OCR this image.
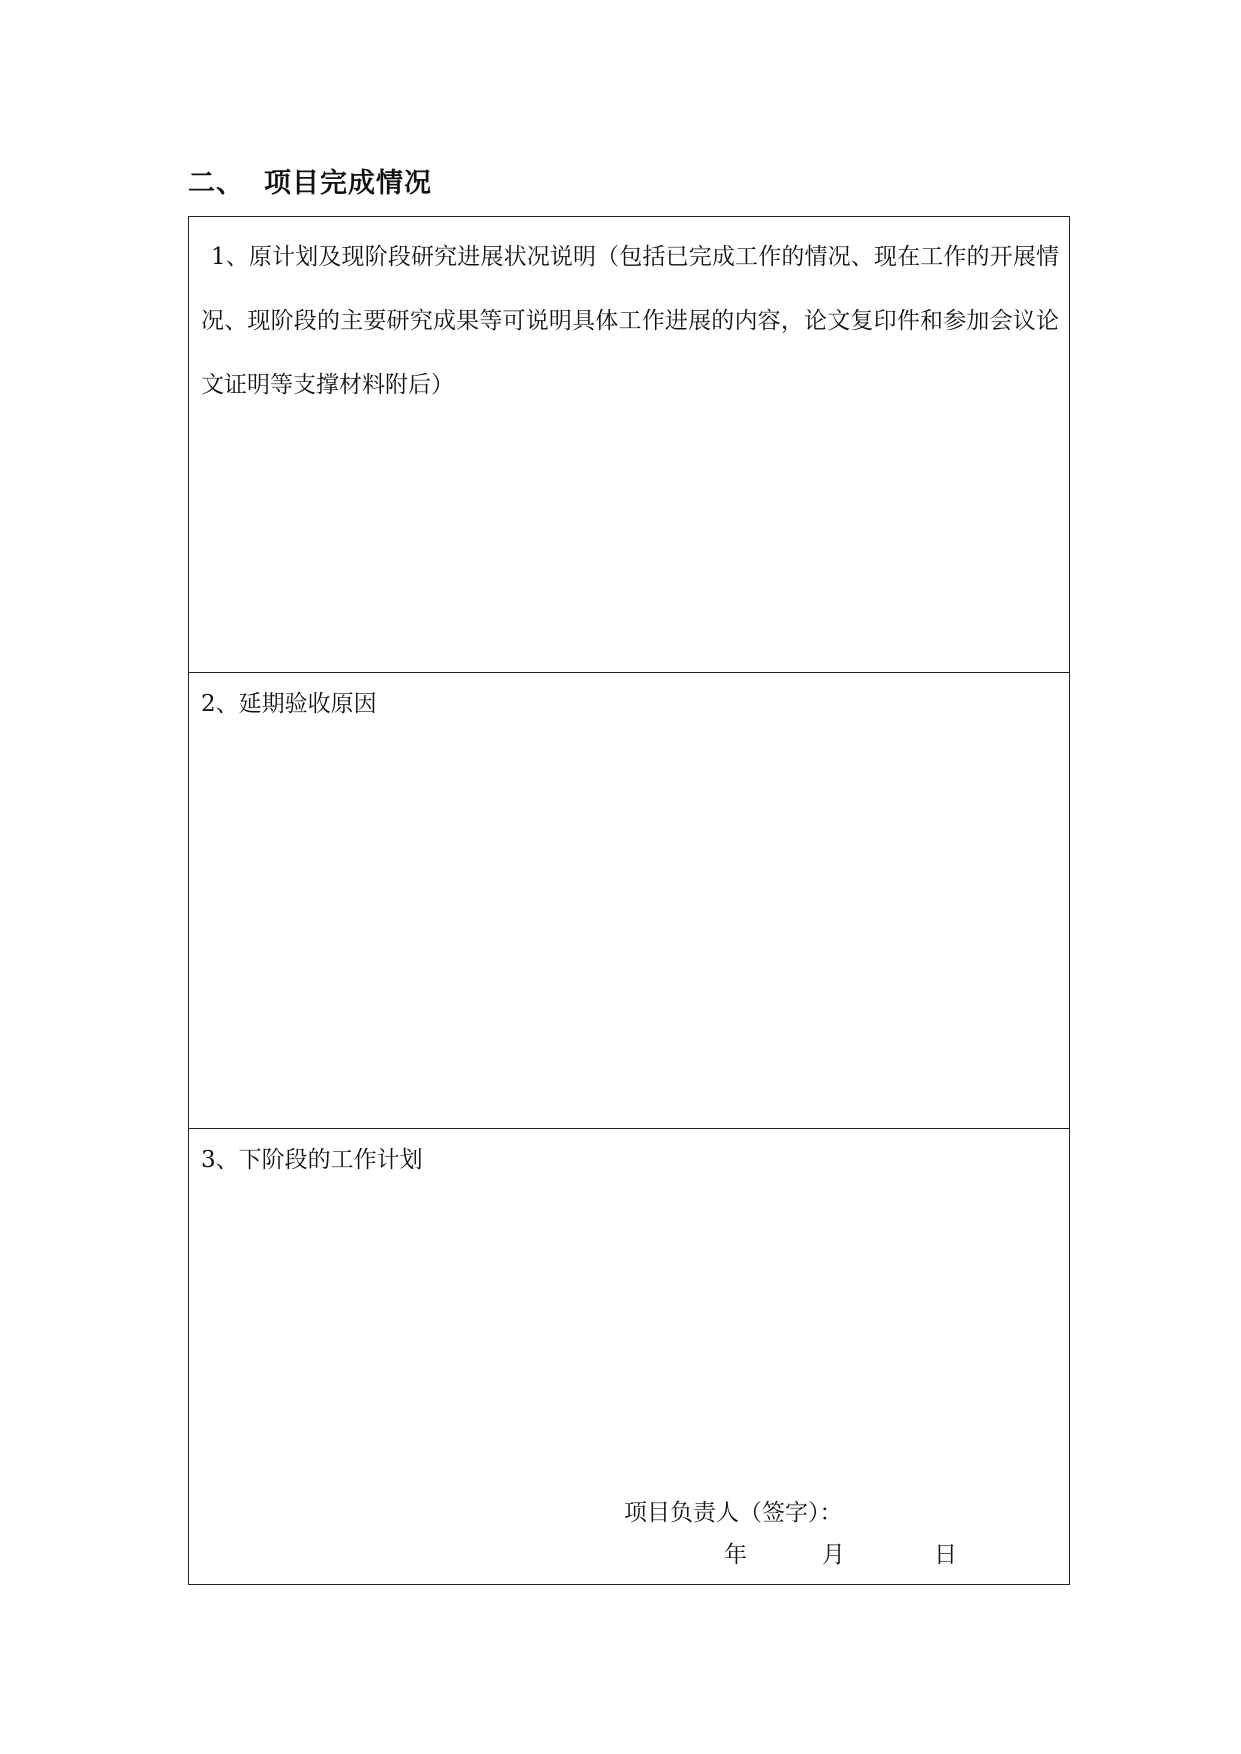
二、 项目完成情况

1、原计划及现阶段研究进展状况说明（包括已完成工作的情况、现在工作的开展情况、现阶段的主要研究成果等可说明具体工作进展的内容，论文复印件和参加会议论文证明等支撑材料附后）

2、延期验收原因

3、下阶段的工作计划

项目负责人（签字）：
年	月	日
